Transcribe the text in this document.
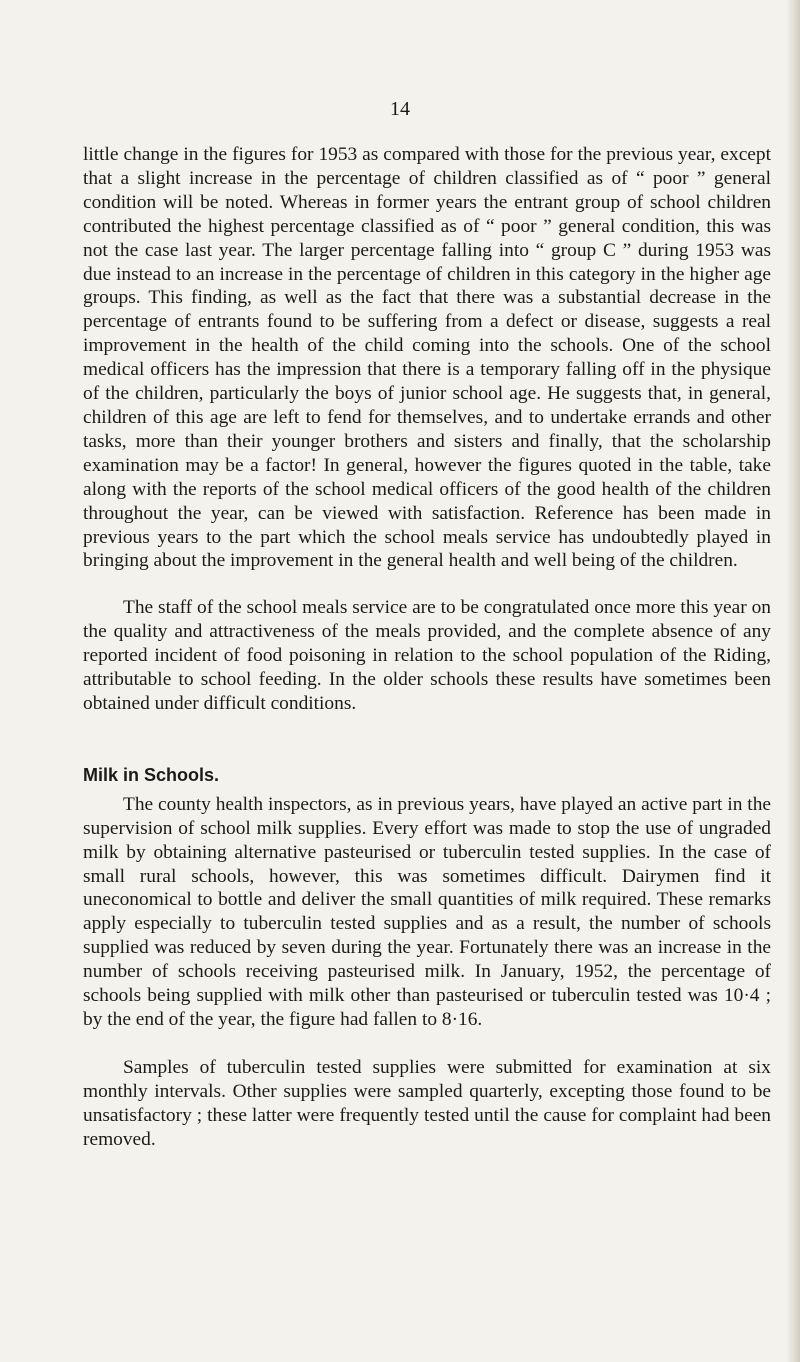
14

little change in the figures for 1953 as compared with those for the previous year, except that a slight increase in the percentage of children classified as of “ poor ” general condition will be noted. Whereas in former years the entrant group of school children contributed the highest percentage classified as of “ poor ” general condition, this was not the case last year. The larger percentage falling into “ group C ” during 1953 was due instead to an increase in the percentage of children in this category in the higher age groups. This finding, as well as the fact that there was a substantial decrease in the percentage of entrants found to be suffering from a defect or disease, suggests a real improvement in the health of the child coming into the schools. One of the school medical officers has the impression that there is a temporary falling off in the physique of the children, particularly the boys of junior school age. He suggests that, in general, children of this age are left to fend for themselves, and to undertake errands and other tasks, more than their younger brothers and sisters and finally, that the scholarship examination may be a factor! In general, however the figures quoted in the table, take along with the reports of the school medical officers of the good health of the children throughout the year, can be viewed with satisfaction. Reference has been made in previous years to the part which the school meals service has undoubtedly played in bringing about the improvement in the general health and well being of the children.

The staff of the school meals service are to be congratulated once more this year on the quality and attractiveness of the meals provided, and the complete absence of any reported incident of food poisoning in relation to the school population of the Riding, attributable to school feeding. In the older schools these results have sometimes been obtained under difficult conditions.

Milk in Schools.

The county health inspectors, as in previous years, have played an active part in the supervision of school milk supplies. Every effort was made to stop the use of ungraded milk by obtaining alternative pasteurised or tuberculin tested supplies. In the case of small rural schools, however, this was sometimes difficult. Dairymen find it uneconomical to bottle and deliver the small quantities of milk required. These remarks apply especially to tuberculin tested supplies and as a result, the number of schools supplied was reduced by seven during the year. Fortunately there was an increase in the number of schools receiving pasteurised milk. In January, 1952, the percentage of schools being supplied with milk other than pasteurised or tuberculin tested was 10·4 ; by the end of the year, the figure had fallen to 8·16.

Samples of tuberculin tested supplies were submitted for examination at six monthly intervals. Other supplies were sampled quarterly, excepting those found to be unsatisfactory ; these latter were frequently tested until the cause for complaint had been removed.
